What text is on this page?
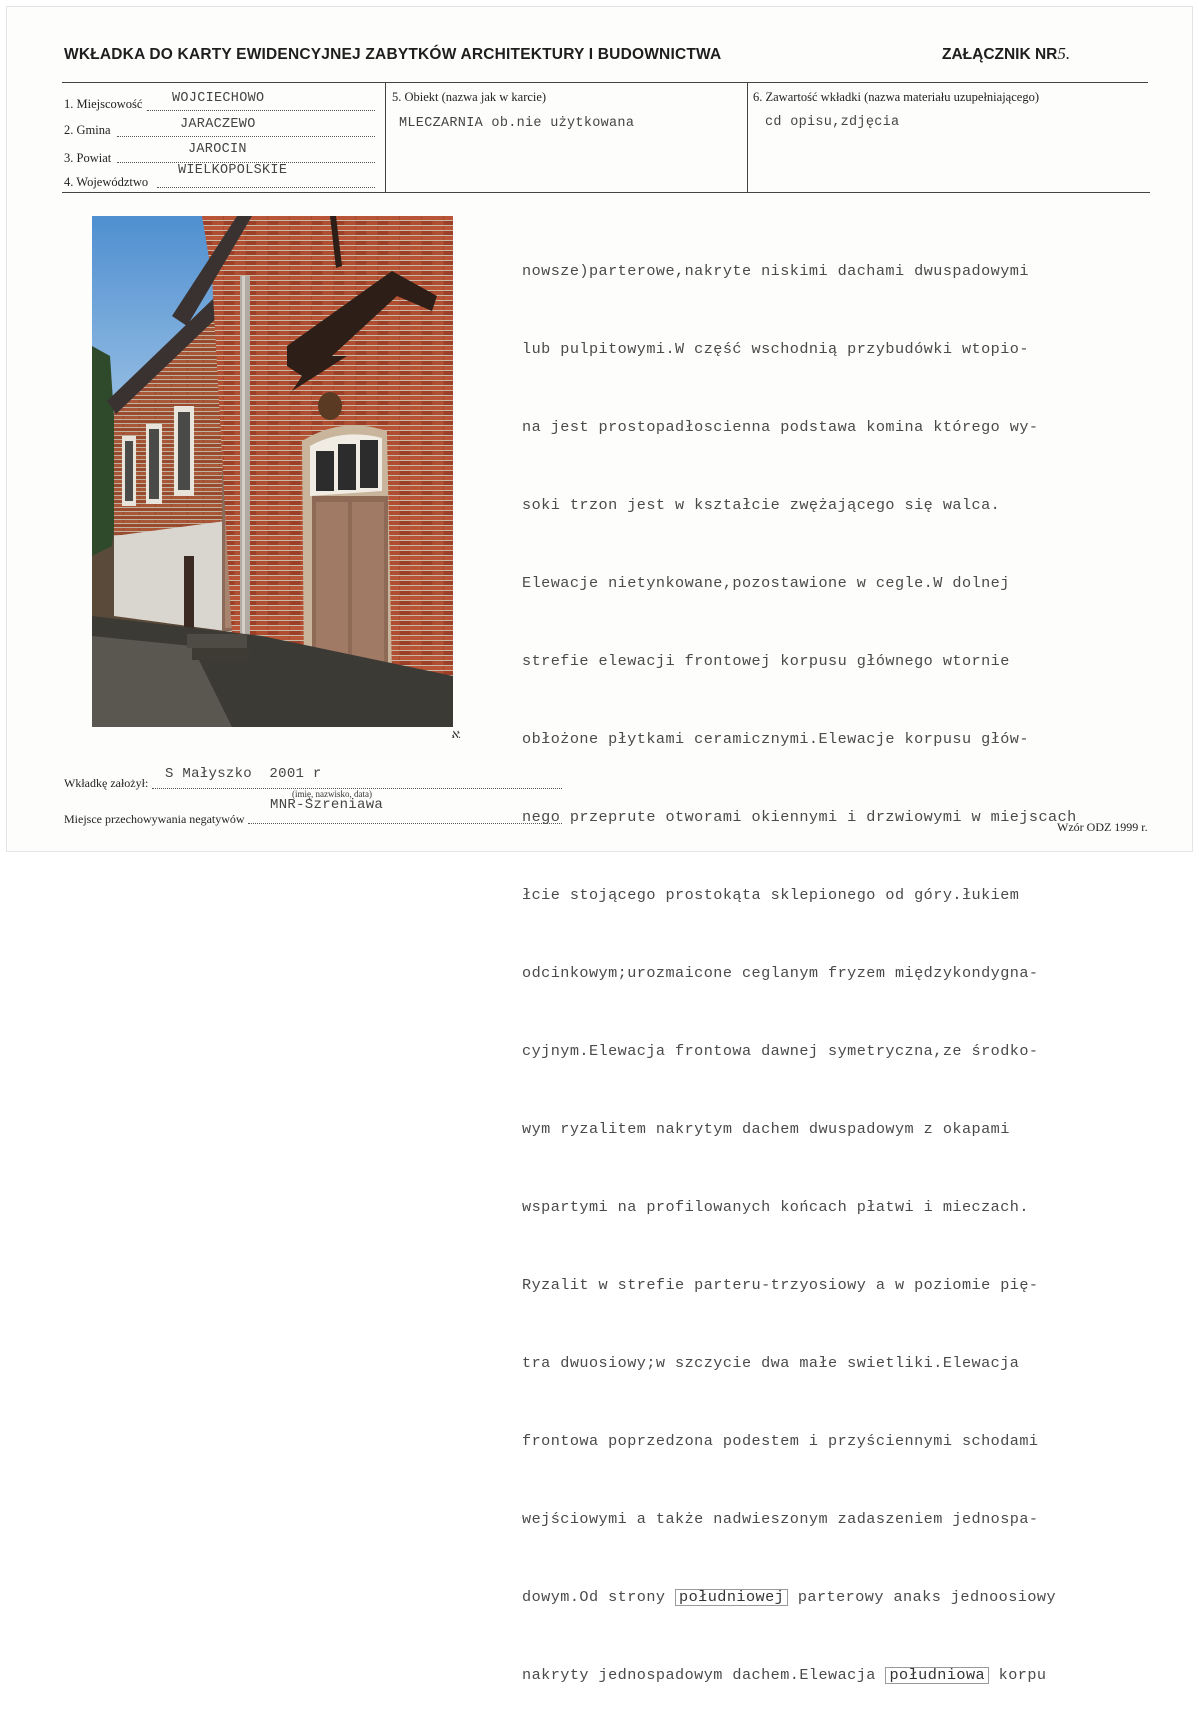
WKŁADKA DO KARTY EWIDENCYJNEJ ZABYTKÓW ARCHITEKTURY I BUDOWNICTWA	ZAŁĄCZNIK NR5.
1. Miejscowość WOJCIECHOWO
2. Gmina	JARACZEWO
3. Powiat
JAROCIN
4. Województwo
WIELKOPOLSKIE
5. Obiekt (nazwa jak w karcie)
MLECZARNIA ob.nie użytkowana
6. Zawartość wkładki (nazwa materiału uzupełniającego)
cd opisu,zdjęcia
ℵ.

nowsze)parterowe,nakryte niskimi dachami dwuspadowymi

lub pulpitowymi.W część wschodnią przybudówki wtopio-

na jest prostopadłoscienna podstawa komina którego wy-

soki trzon jest w kształcie zwężającego się walca.

Elewacje nietynkowane,pozostawione w cegle.W dolnej

strefie elewacji frontowej korpusu głównego wtornie

obłożone płytkami ceramicznymi.Elewacje korpusu głów-

nego przeprute otworami okiennymi i drzwiowymi w miejscach

łcie stojącego prostokąta sklepionego od góry.łukiem

odcinkowym;urozmaicone ceglanym fryzem międzykondygna-

cyjnym.Elewacja frontowa dawnej symetryczna,ze środko-

wym ryzalitem nakrytym dachem dwuspadowym z okapami

wspartymi na profilowanych końcach płatwi i mieczach.

Ryzalit w strefie parteru-trzyosiowy a w poziomie pię-

tra dwuosiowy;w szczycie dwa małe swietliki.Elewacja

frontowa poprzedzona podestem i przyściennymi schodami

wejściowymi a także nadwieszonym zadaszeniem jednospa-

dowym.Od strony południowej parterowy anaks jednoosiowy

nakryty jednospadowym dachem.Elewacja południowa korpu

Wkładkę założył:
S Małyszko  2001 r
(imię, nazwisko, data)
Miejsce przechowywania negatywów
MNR-Szreniawa
Wzór ODZ 1999 r.
